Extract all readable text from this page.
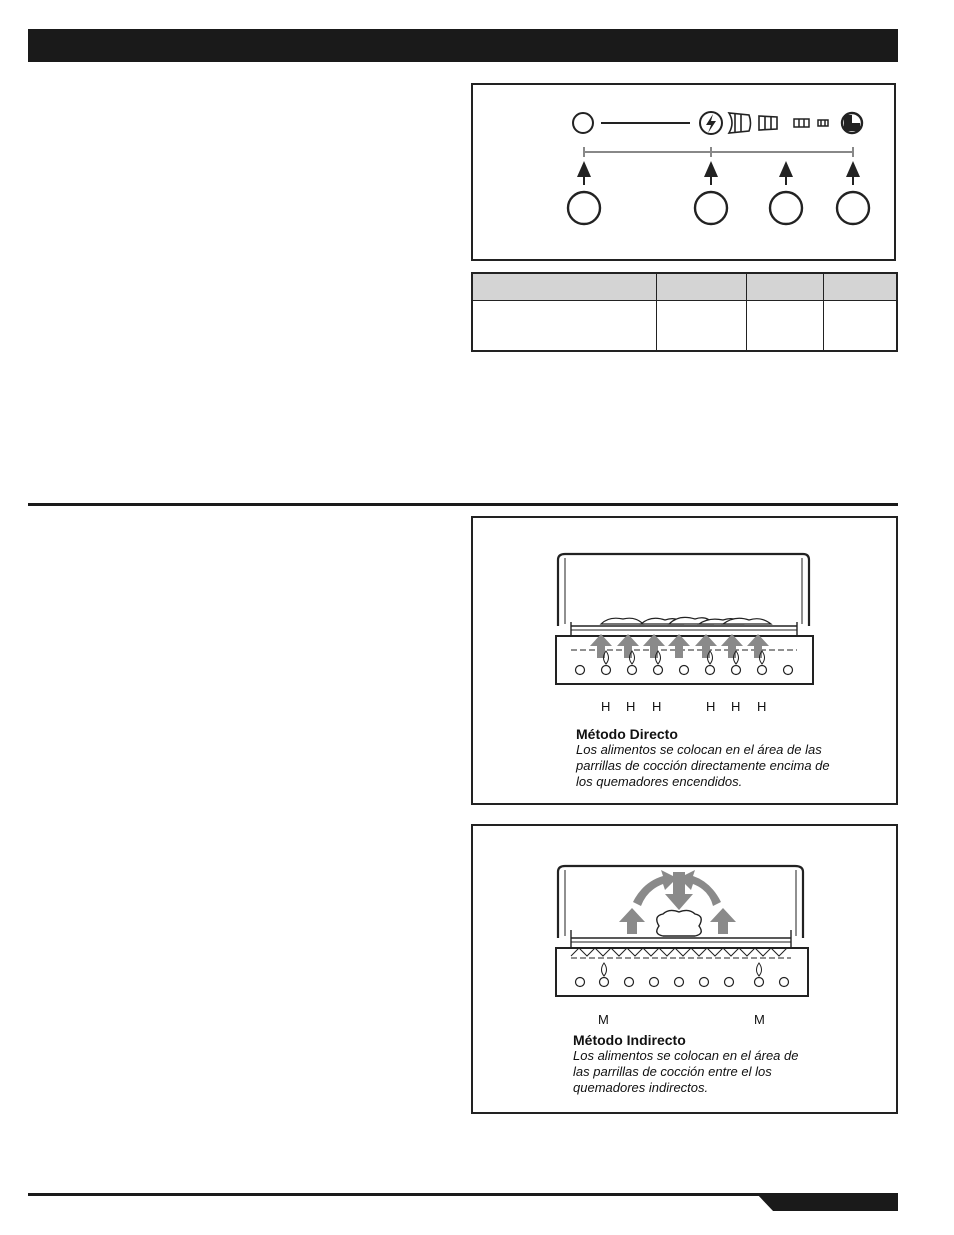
H H H	H H H
Método Directo
Los alimentos se colocan en el área de las parrillas de cocción directamente encima de los quemadores encendidos.
M	M
Método Indirecto
Los alimentos se colocan en el área de las parrillas de cocción entre el los quemadores indirectos.
